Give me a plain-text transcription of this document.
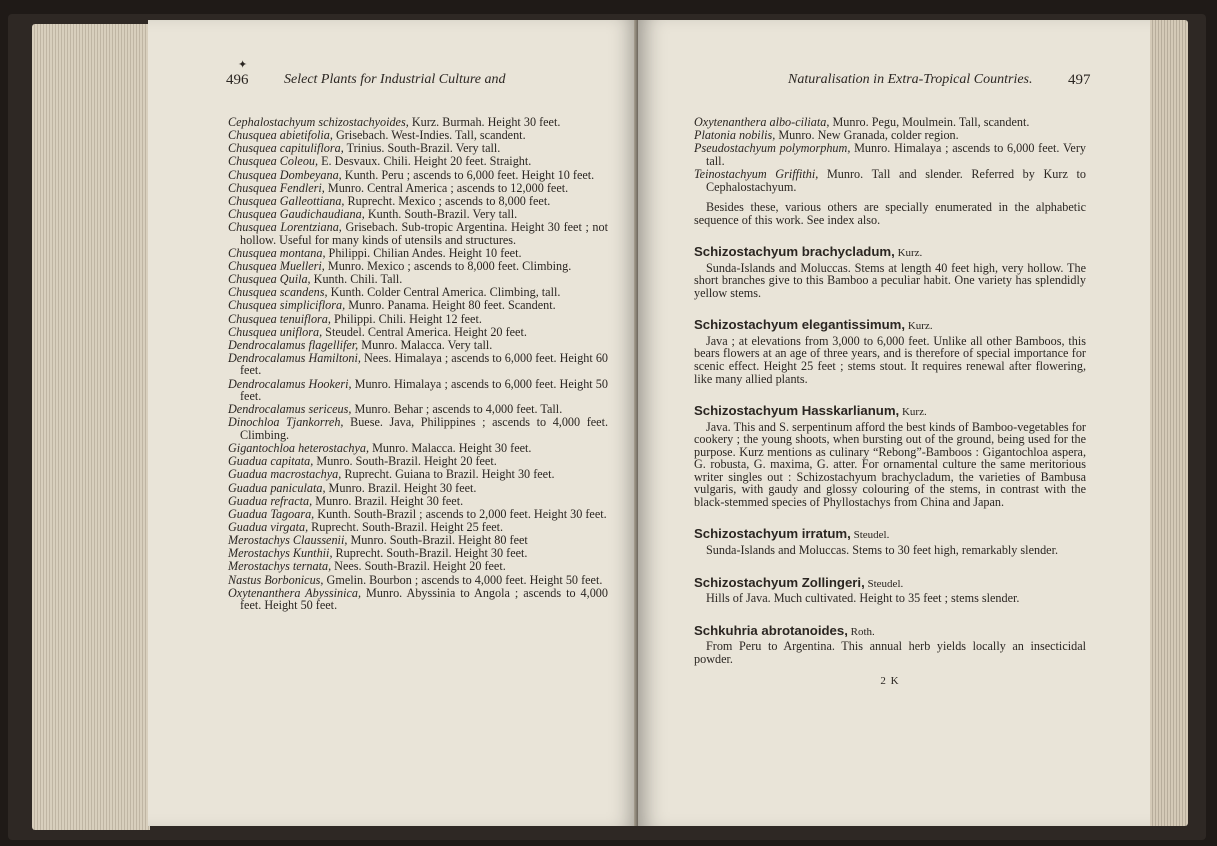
✦
496	Select Plants for Industrial Culture and

Cephalostachyum schizostachyoides, Kurz. Burmah. Height 30 feet.

Chusquea abietifolia, Grisebach. West-Indies. Tall, scandent.

Chusquea capituliflora, Trinius. South-Brazil. Very tall.

Chusquea Coleou, E. Desvaux. Chili. Height 20 feet. Straight.

Chusquea Dombeyana, Kunth. Peru ; ascends to 6,000 feet. Height 10 feet.

Chusquea Fendleri, Munro. Central America ; ascends to 12,000 feet.

Chusquea Galleottiana, Ruprecht. Mexico ; ascends to 8,000 feet.

Chusquea Gaudichaudiana, Kunth. South-Brazil. Very tall.

Chusquea Lorentziana, Grisebach. Sub-tropic Argentina. Height 30 feet ; not hollow. Useful for many kinds of utensils and structures.

Chusquea montana, Philippi. Chilian Andes. Height 10 feet.

Chusquea Muelleri, Munro. Mexico ; ascends to 8,000 feet. Climbing.

Chusquea Quila, Kunth. Chili. Tall.

Chusquea scandens, Kunth. Colder Central America. Climbing, tall.

Chusquea simpliciflora, Munro. Panama. Height 80 feet. Scandent.

Chusquea tenuiflora, Philippi. Chili. Height 12 feet.

Chusquea uniflora, Steudel. Central America. Height 20 feet.

Dendrocalamus flagellifer, Munro. Malacca. Very tall.

Dendrocalamus Hamiltoni, Nees. Himalaya ; ascends to 6,000 feet. Height 60 feet.

Dendrocalamus Hookeri, Munro. Himalaya ; ascends to 6,000 feet. Height 50 feet.

Dendrocalamus sericeus, Munro. Behar ; ascends to 4,000 feet. Tall.

Dinochloa Tjankorreh, Buese. Java, Philippines ; ascends to 4,000 feet. Climbing.

Gigantochloa heterostachya, Munro. Malacca. Height 30 feet.

Guadua capitata, Munro. South-Brazil. Height 20 feet.

Guadua macrostachya, Ruprecht. Guiana to Brazil. Height 30 feet.

Guadua paniculata, Munro. Brazil. Height 30 feet.

Guadua refracta, Munro. Brazil. Height 30 feet.

Guadua Tagoara, Kunth. South-Brazil ; ascends to 2,000 feet. Height 30 feet.

Guadua virgata, Ruprecht. South-Brazil. Height 25 feet.

Merostachys Claussenii, Munro. South-Brazil. Height 80 feet

Merostachys Kunthii, Ruprecht. South-Brazil. Height 30 feet.

Merostachys ternata, Nees. South-Brazil. Height 20 feet.

Nastus Borbonicus, Gmelin. Bourbon ; ascends to 4,000 feet. Height 50 feet.

Oxytenanthera Abyssinica, Munro. Abyssinia to Angola ; ascends to 4,000 feet. Height 50 feet.

Naturalisation in Extra-Tropical Countries. 497

Oxytenanthera albo-ciliata, Munro. Pegu, Moulmein. Tall, scandent.

Platonia nobilis, Munro. New Granada, colder region.

Pseudostachyum polymorphum, Munro. Himalaya ; ascends to 6,000 feet. Very tall.

Teinostachyum Griffithi, Munro. Tall and slender. Referred by Kurz to Cephalostachyum.

Besides these, various others are specially enumerated in the alphabetic sequence of this work. See index also.

Schizostachyum brachycladum, Kurz.

Sunda-Islands and Moluccas. Stems at length 40 feet high, very hollow. The short branches give to this Bamboo a peculiar habit. One variety has splendidly yellow stems.

Schizostachyum elegantissimum, Kurz.

Java ; at elevations from 3,000 to 6,000 feet. Unlike all other Bamboos, this bears flowers at an age of three years, and is therefore of special importance for scenic effect. Height 25 feet ; stems stout. It requires renewal after flowering, like many allied plants.

Schizostachyum Hasskarlianum, Kurz.

Java. This and S. serpentinum afford the best kinds of Bamboo-vegetables for cookery ; the young shoots, when bursting out of the ground, being used for the purpose. Kurz mentions as culinary “Rebong”-Bamboos : Gigantochloa aspera, G. robusta, G. maxima, G. atter. For ornamental culture the same meritorious writer singles out : Schizostachyum brachycladum, the varieties of Bambusa vulgaris, with gaudy and glossy colouring of the stems, in contrast with the black-stemmed species of Phyllostachys from China and Japan.

Schizostachyum irratum, Steudel.

Sunda-Islands and Moluccas. Stems to 30 feet high, remarkably slender.

Schizostachyum Zollingeri, Steudel.

Hills of Java. Much cultivated. Height to 35 feet ; stems slender.

Schkuhria abrotanoides, Roth.

From Peru to Argentina. This annual herb yields locally an insecticidal powder.

2 K
